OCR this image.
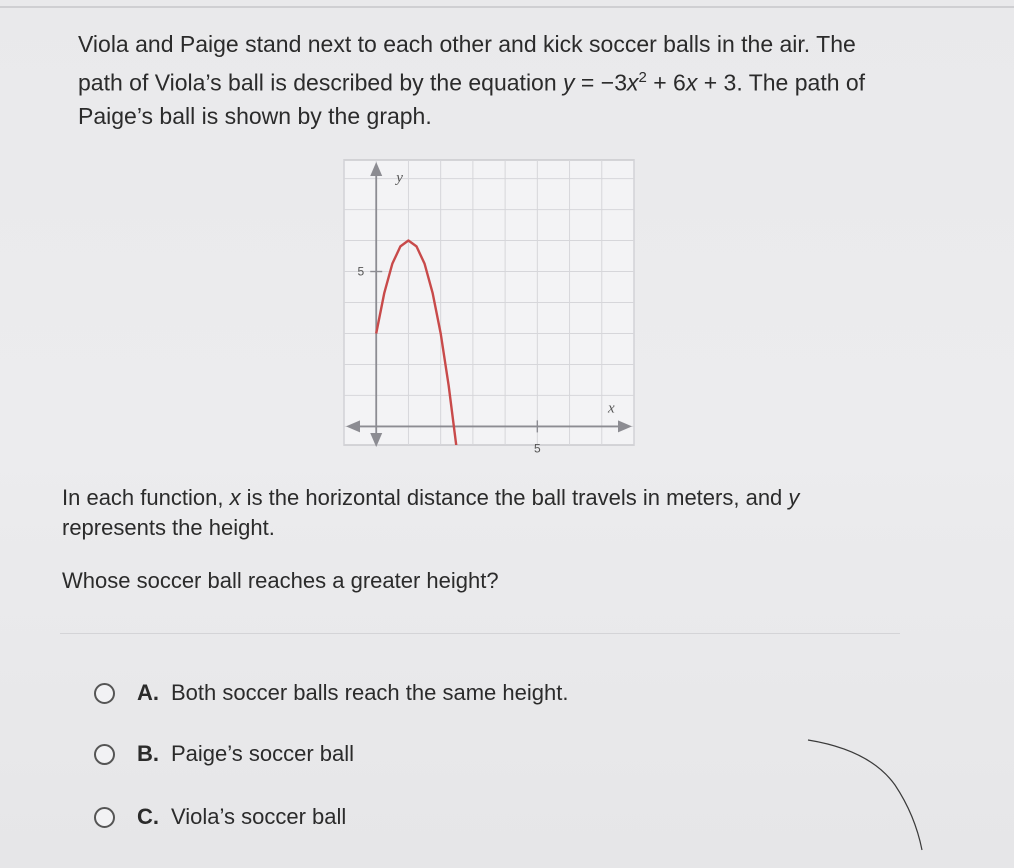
Viola and Paige stand next to each other and kick soccer balls in the air. The
path of Viola’s ball is described by the equation $y = -3x^2 + 6x + 3$. The path of
Paige’s ball is shown by the graph.
5
5
y
x
In each function, x is the horizontal distance the ball travels in meters, and y
represents the height.
Whose soccer ball reaches a greater height?
A. Both soccer balls reach the same height.
B. Paige’s soccer ball
C. Viola’s soccer ball
